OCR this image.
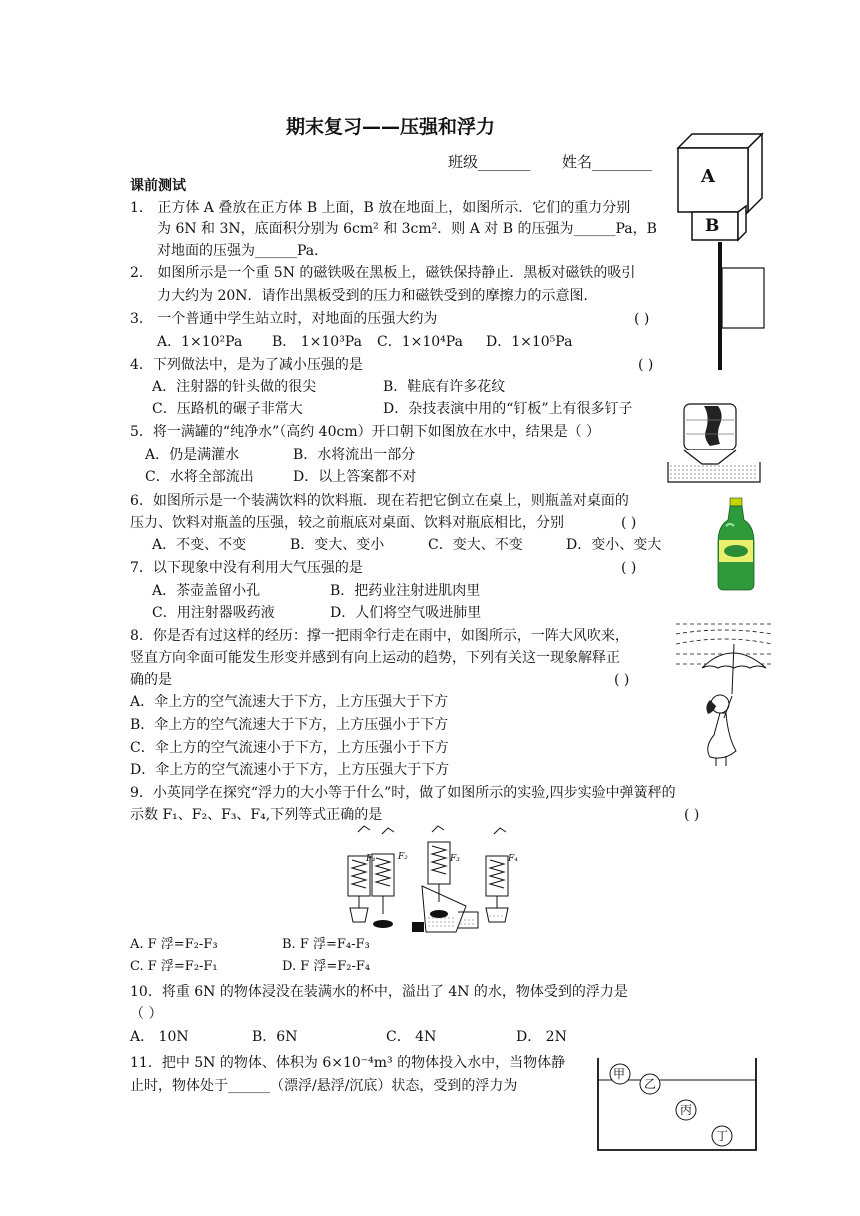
期末复习——压强和浮力
班级_______ 姓名________
课前测试
1． 正方体 A 叠放在正方体 B 上面，B 放在地面上，如图所示．它们的重力分别
为 6N 和 3N，底面积分别为 6cm² 和 3cm²．则 A 对 B 的压强为______Pa，B
对地面的压强为______Pa．
A
B
2． 如图所示是一个重 5N 的磁铁吸在黑板上，磁铁保持静止．黑板对磁铁的吸引
力大约为 20N．请作出黑板受到的压力和磁铁受到的摩擦力的示意图．
3． 一个普通中学生站立时，对地面的压强大约为	( )
A．1×10²Pa B． 1×10³Pa C．1×10⁴Pa D．1×10⁵Pa
4．下列做法中，是为了减小压强的是	( )
A．注射器的针头做的很尖	B．鞋底有许多花纹
C．压路机的碾子非常大	D．杂技表演中用的“钉板”上有很多钉子
5．将一满罐的“纯净水”（高约 40cm）开口朝下如图放在水中，结果是（ ）
A．仍是满灌水	B．水将流出一部分
C．水将全部流出	D．以上答案都不对
6．如图所示是一个装满饮料的饮料瓶．现在若把它倒立在桌上，则瓶盖对桌面的
压力、饮料对瓶盖的压强，较之前瓶底对桌面、饮料对瓶底相比，分别	( )
A．不变、不变	B．变大、变小	C．变大、不变	D．变小、变大
7．以下现象中没有利用大气压强的是	( )
A．茶壶盖留小孔	B．把药业注射进肌肉里
C．用注射器吸药液	D．人们将空气吸进肺里
8．你是否有过这样的经历：撑一把雨伞行走在雨中，如图所示，一阵大风吹来，
竖直方向伞面可能发生形变并感到有向上运动的趋势，下列有关这一现象解释正
确的是	( )
A．伞上方的空气流速大于下方，上方压强大于下方
B．伞上方的空气流速大于下方，上方压强小于下方
C．伞上方的空气流速小于下方，上方压强小于下方
D．伞上方的空气流速小于下方，上方压强大于下方
9．小英同学在探究“浮力的大小等于什么”时，做了如图所示的实验,四步实验中弹簧秤的
示数 F₁、F₂、F₃、F₄,下列等式正确的是	( )
F₁ F₂	F₃	F₄
A. F 浮=F₂-F₃	B. F 浮=F₄-F₃
C. F 浮=F₂-F₁	D. F 浮=F₂-F₄
10．将重 6N 的物体浸没在装满水的杯中，溢出了 4N 的水，物体受到的浮力是
（ ）
A． 10N	B．6N	C． 4N	D． 2N
11．把中 5N 的物体、体积为 6×10⁻⁴m³ 的物体投入水中，当物体静
止时，物体处于______（漂浮/悬浮/沉底）状态，受到的浮力为
甲
乙
丙
丁
